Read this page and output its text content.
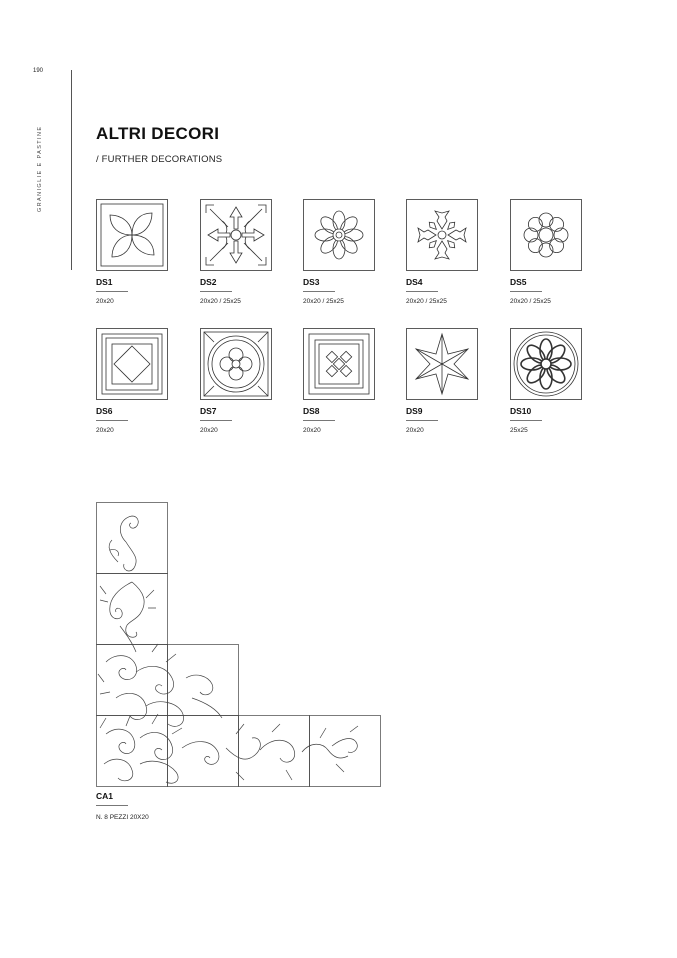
190
GRANIGLIE E PASTINE	ALTRI DECORI
/ FURTHER DECORATIONS
DS1
20x20
DS2
20x20 / 25x25
DS3
20x20 / 25x25
DS4
20x20 / 25x25
DS5
20x20 / 25x25
DS6
20x20
DS7
20x20
DS8
20x20
DS9
20x20
DS10
25x25
CA1
N. 8 PEZZI 20X20
